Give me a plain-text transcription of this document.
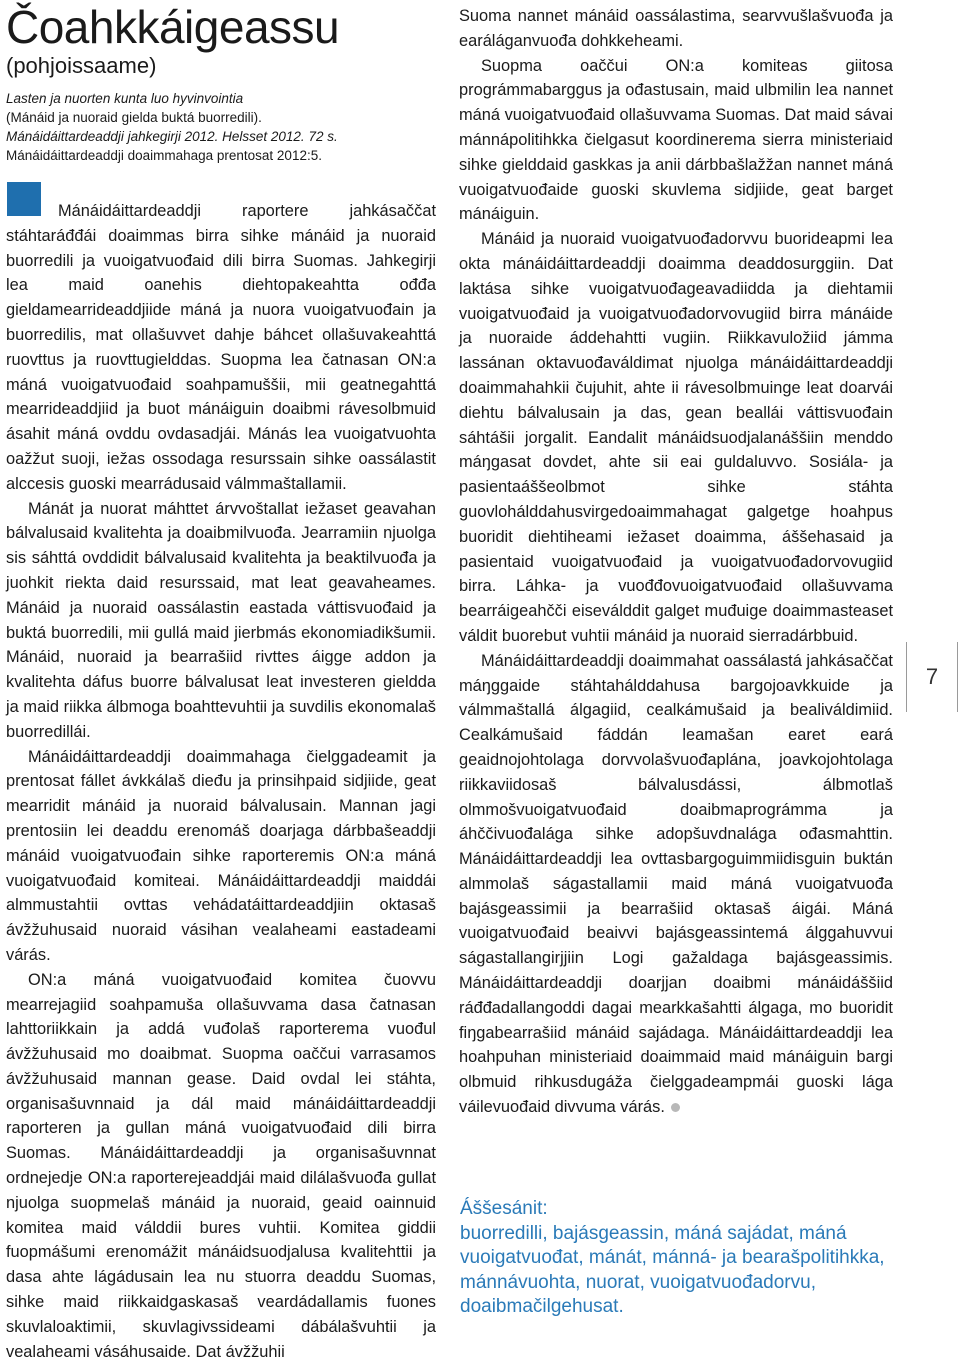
Čoahkkáigeassu
(pohjoissaame)
Lasten ja nuorten kunta luo hyvinvointia
(Mánáid ja nuoraid gielda buktá buorredili).
Mánáidáittardeaddji jahkegirji 2012. Helsset 2012. 72 s.
Mánáidáittardeaddji doaimmahaga prentosat 2012:5.

Mánáidáittardeaddji raportere jahkásaččat stáhtaráđđái doaimmas birra sihke mánáid ja nuoraid buorredili ja vuoigatvuođaid dili birra Suomas. Jahkegirji lea maid oanehis diehtopakeahtta ođđa gieldamearrideaddjiide máná ja nuora vuoigatvuođain ja buorredilis, mat ollašuvvet dahje báhcet ollašuvakeahttá ruovttus ja ruovttugielddas. Suopma lea čatnasan ON:a máná vuoigatvuođaid soahpamuššii, mii geatnegahttá mearrideaddjiid ja buot mánáiguin doaibmi rávesolbmuid ásahit máná ovddu ovdasadjái. Mánás lea vuoigatvuohta oažžut suoji, iežas ossodaga resurssain sihke oassálastit alccesis guoski mearrádusaid válmmaštallamii.

Mánát ja nuorat máhttet árvvoštallat iežaset geavahan bálvalusaid kvalitehta ja doaibmilvuođa. Jearramiin njuolga sis sáhttá ovddidit bálvalusaid kvalitehta ja beaktilvuođa ja juohkit riekta daid resurssaid, mat leat geavaheames. Mánáid ja nuoraid oassálastin eastada váttisvuođaid ja buktá buorredili, mii gullá maid jierbmás ekonomiadikšumii. Mánáid, nuoraid ja bearrašiid rivttes áigge addon ja kvalitehta dáfus buorre bálvalusat leat investeren gieldda ja maid riikka álbmoga boahttevuhtii ja suvdilis ekonomalaš buorredillái.

Mánáidáittardeaddji doaimmahaga čielggadeamit ja prentosat fállet ávkkálaš dieđu ja prinsihpaid sidjiide, geat mearridit mánáid ja nuoraid bálvalusain. Mannan jagi prentosiin lei deaddu erenomáš doarjaga dárbbašeaddji mánáid vuoigatvuođain sihke raporteremis ON:a máná vuoigatvuođaid komiteai. Mánáidáittardeaddji maiddái almmustahtii ovttas vehádatáittardeaddjiin oktasaš ávžžuhusaid nuoraid vásihan vealaheami eastadeami várás.

ON:a máná vuoigatvuođaid komitea čuovvu mearrejagiid soahpamuša ollašuvvama dasa čatnasan lahttoriikkain ja addá vuđolaš raporterema vuođul ávžžuhusaid mo doaibmat. Suopma oaččui varrasamos ávžžuhusaid mannan gease. Daid ovdal lei stáhta, organisašuvnnaid ja dál maid mánáidáittardeaddji raporteren ja gullan máná vuoigatvuođaid dili birra Suomas. Mánáidáittardeaddji ja organisašuvnnat ordnejedje ON:a raporterejeaddjái maid dilálašvuođa gullat njuolga suopmelaš mánáid ja nuoraid, geaid oainnuid komitea maid válddii bures vuhtii. Komitea giddii fuopmášumi erenomážit mánáidsuodjalusa kvalitehttii ja dasa ahte lágádusain lea nu stuorra deaddu Suomas, sihke maid riikkaidgaskasaš veardádallamis fuones skuvlaloaktimii, skuvlagivssideami dábálašvuhtii ja vealaheami vásáhusaide. Dat ávžžuhii

Suoma nannet mánáid oassálastima, searvvušlašvuođa ja earáláganvuođa dohkkeheami.

Suopma oaččui ON:a komiteas giitosa prográmmabarggus ja ođastusain, maid ulbmilin lea nannet máná vuoigatvuođaid ollašuvvama Suomas. Dat maid sávai mánnápolitihkka čielgasut koordinerema sierra ministeriaid sihke gielddaid gaskkas ja anii dárbbašlažžan nannet máná vuoigatvuođaide guoski skuvlema sidjiide, geat barget mánáiguin.

Mánáid ja nuoraid vuoigatvuođadorvvu buorideapmi lea okta mánáidáittardeaddji doaimma deaddosurggiin. Dat laktása sihke vuoigatvuođageavadiidda ja diehtamii vuoigatvuođaid ja vuoigatvuođadorvovugiid birra mánáide ja nuoraide áddehahtti vugiin. Riikkavuložiid jámma lassánan oktavuođaváldimat njuolga mánáidáittardeaddji doaimmahahkii čujuhit, ahte ii rávesolbmuinge leat doarvái diehtu bálvalusain ja das, gean beallái váttisvuođain sáhtášii jorgalit. Eandalit mánáidsuodjalanáššiin menddo máŋgasat dovdet, ahte sii eai guldaluvvo. Sosiála- ja pasientaáššeolbmot sihke stáhta guovlohálddahusvirgedoaimmahagat galgetge hoahpus buoridit diehtiheami iežaset doaimma, áššehasaid ja pasientaid vuoigatvuođaid ja vuoigatvuođadorvovugiid birra. Láhka- ja vuođđovuoigatvuođaid ollašuvvama bearráigeahčči eiseválddit galget muđuige doaimmasteaset váldit buorebut vuhtii mánáid ja nuoraid sierradárbbuid.

Mánáidáittardeaddji doaimmahat oassálastá jahkásaččat máŋggaide stáhtahálddahusa bargojoavkkuide ja válmmaštallá álgagiid, cealkámušaid ja bealiváldimiid. Cealkámušaid fáddán leamašan earet eará geaidnojohtolaga dorvvolašvuođaplána, joavkojohtolaga riikkaviidosaš bálvalusdássi, álbmotlaš olmmošvuoigatvuođaid doaibmaprográmma ja áhččivuođalága sihke adopšuvdnalága ođasmahttin. Mánáidáittardeaddji lea ovttasbargoguimmiidisguin buktán almmolaš ságastallamii maid máná vuoigatvuođa bajásgeassimii ja bearrašiid oktasaš áigái. Máná vuoigatvuođaid beaivvi bajásgeassintemá álggahuvvui ságastallangirjjiin Logi gažaldaga bajásgeassimis. Mánáidáittardeaddji doarjjan doaibmi mánáidáššiid ráđđadallangoddi dagai mearkkašahtti álgaga, mo buoridit fiŋgabearrašiid mánáid sajádaga. Mánáidáittardeaddji lea hoahpuhan ministeriaid doaimmaid maid mánáiguin bargi olbmuid rihkusdugáža čielggadeampmái guoski lága váilevuođaid divvuma várás.

Áššesánit:
buorredilli, bajásgeassin, máná sajádat, máná vuoigatvuođat, mánát, mánná- ja bearašpolitihkka, mánnávuohta, nuorat, vuoigatvuođadorvu, doaibmačilgehusat.
7
